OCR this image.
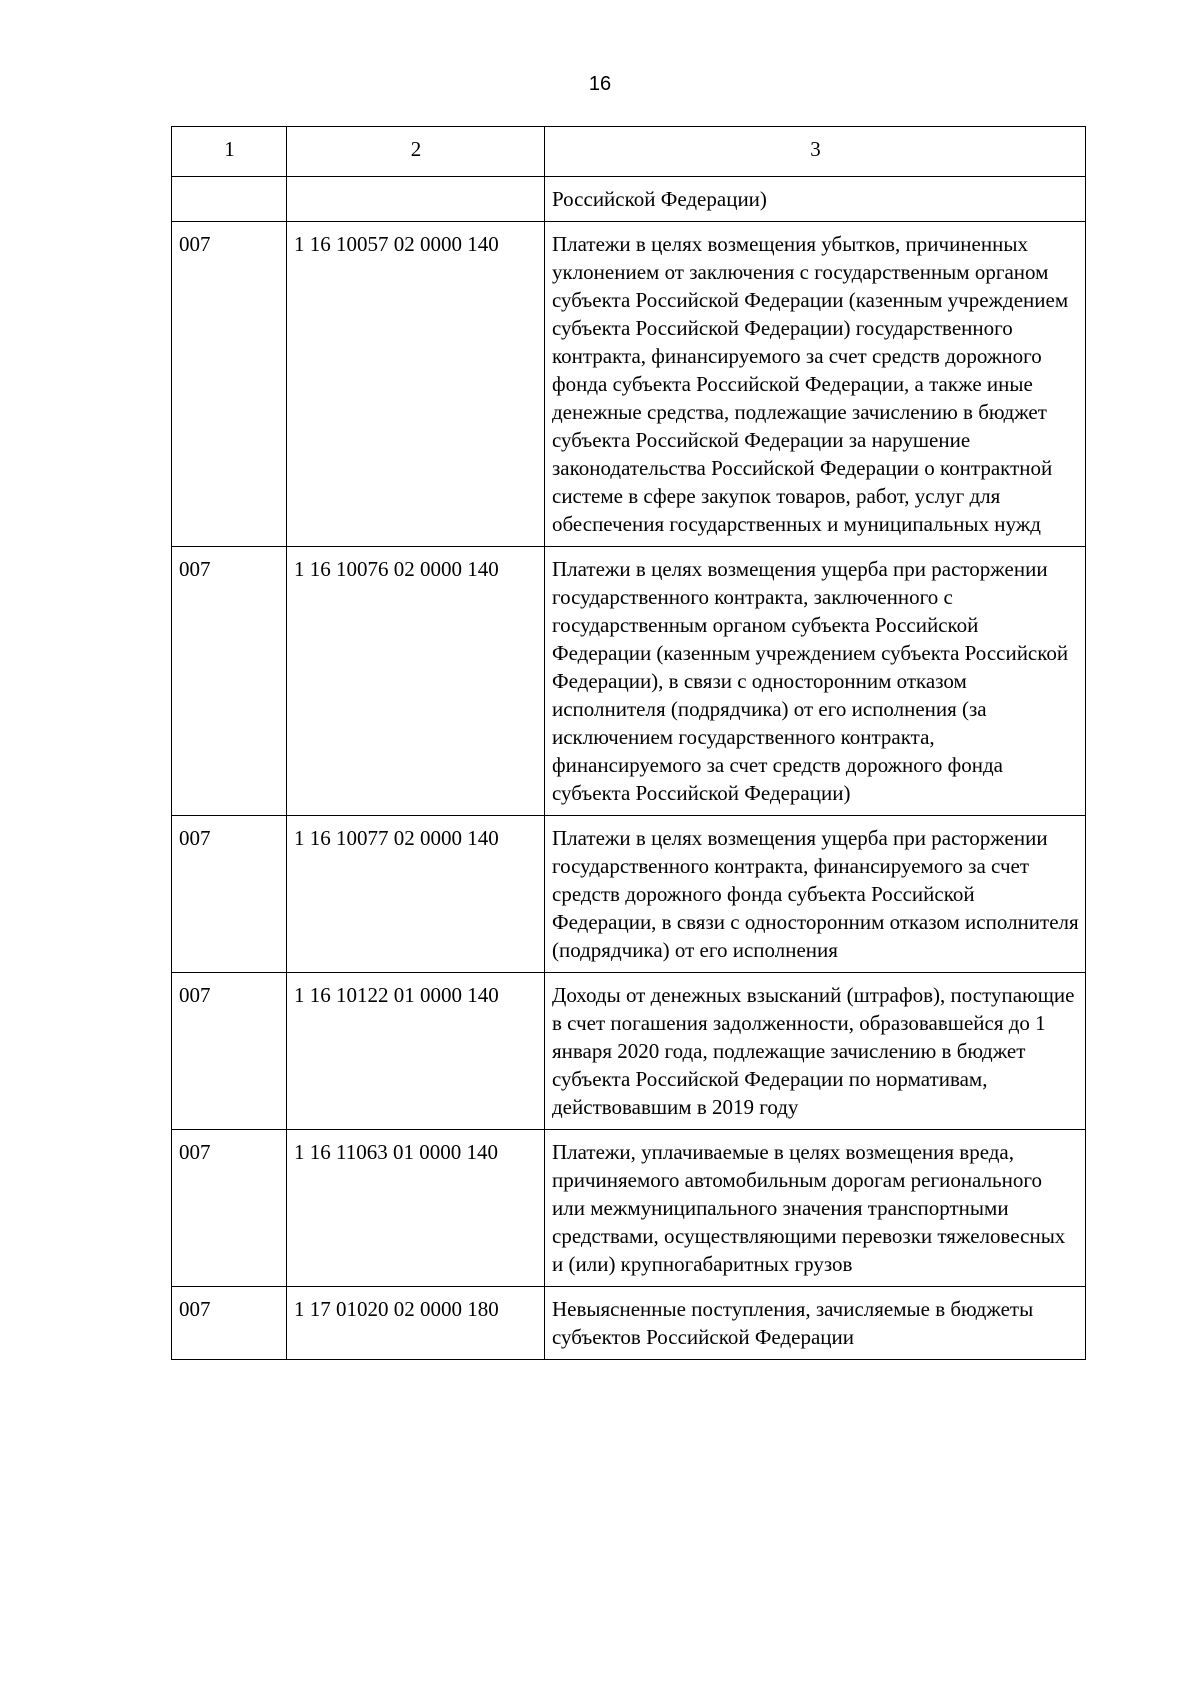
16
1	2	3
		Российской Федерации)
007	1 16 10057 02 0000 140	Платежи в целях возмещения убытков, причиненных уклонением от заключения с государственным органом субъекта Российской Федерации (казенным учреждением субъекта Российской Федерации) государственного контракта, финансируемого за счет средств дорожного фонда субъекта Российской Федерации, а также иные денежные средства, подлежащие зачислению в бюджет субъекта Российской Федерации за нарушение законодательства Российской Федерации о контрактной системе в сфере закупок товаров, работ, услуг для обеспечения государственных и муниципальных нужд
007	1 16 10076 02 0000 140	Платежи в целях возмещения ущерба при расторжении государственного контракта, заключенного с государственным органом субъекта Российской Федерации (казенным учреждением субъекта Российской Федерации), в связи с односторонним отказом исполнителя (подрядчика) от его исполнения (за исключением государственного контракта, финансируемого за счет средств дорожного фонда субъекта Российской Федерации)
007	1 16 10077 02 0000 140	Платежи в целях возмещения ущерба при расторжении государственного контракта, финансируемого за счет средств дорожного фонда субъекта Российской Федерации, в связи с односторонним отказом исполнителя (подрядчика) от его исполнения
007	1 16 10122 01 0000 140	Доходы от денежных взысканий (штрафов), поступающие в счет погашения задолженности, образовавшейся до 1 января 2020 года, подлежащие зачислению в бюджет субъекта Российской Федерации по нормативам, действовавшим в 2019 году
007	1 16 11063 01 0000 140	Платежи, уплачиваемые в целях возмещения вреда, причиняемого автомобильным дорогам регионального или межмуниципального значения транспортными средствами, осуществляющими перевозки тяжеловесных и (или) крупногабаритных грузов
007	1 17 01020 02 0000 180	Невыясненные поступления, зачисляемые в бюджеты субъектов Российской Федерации
